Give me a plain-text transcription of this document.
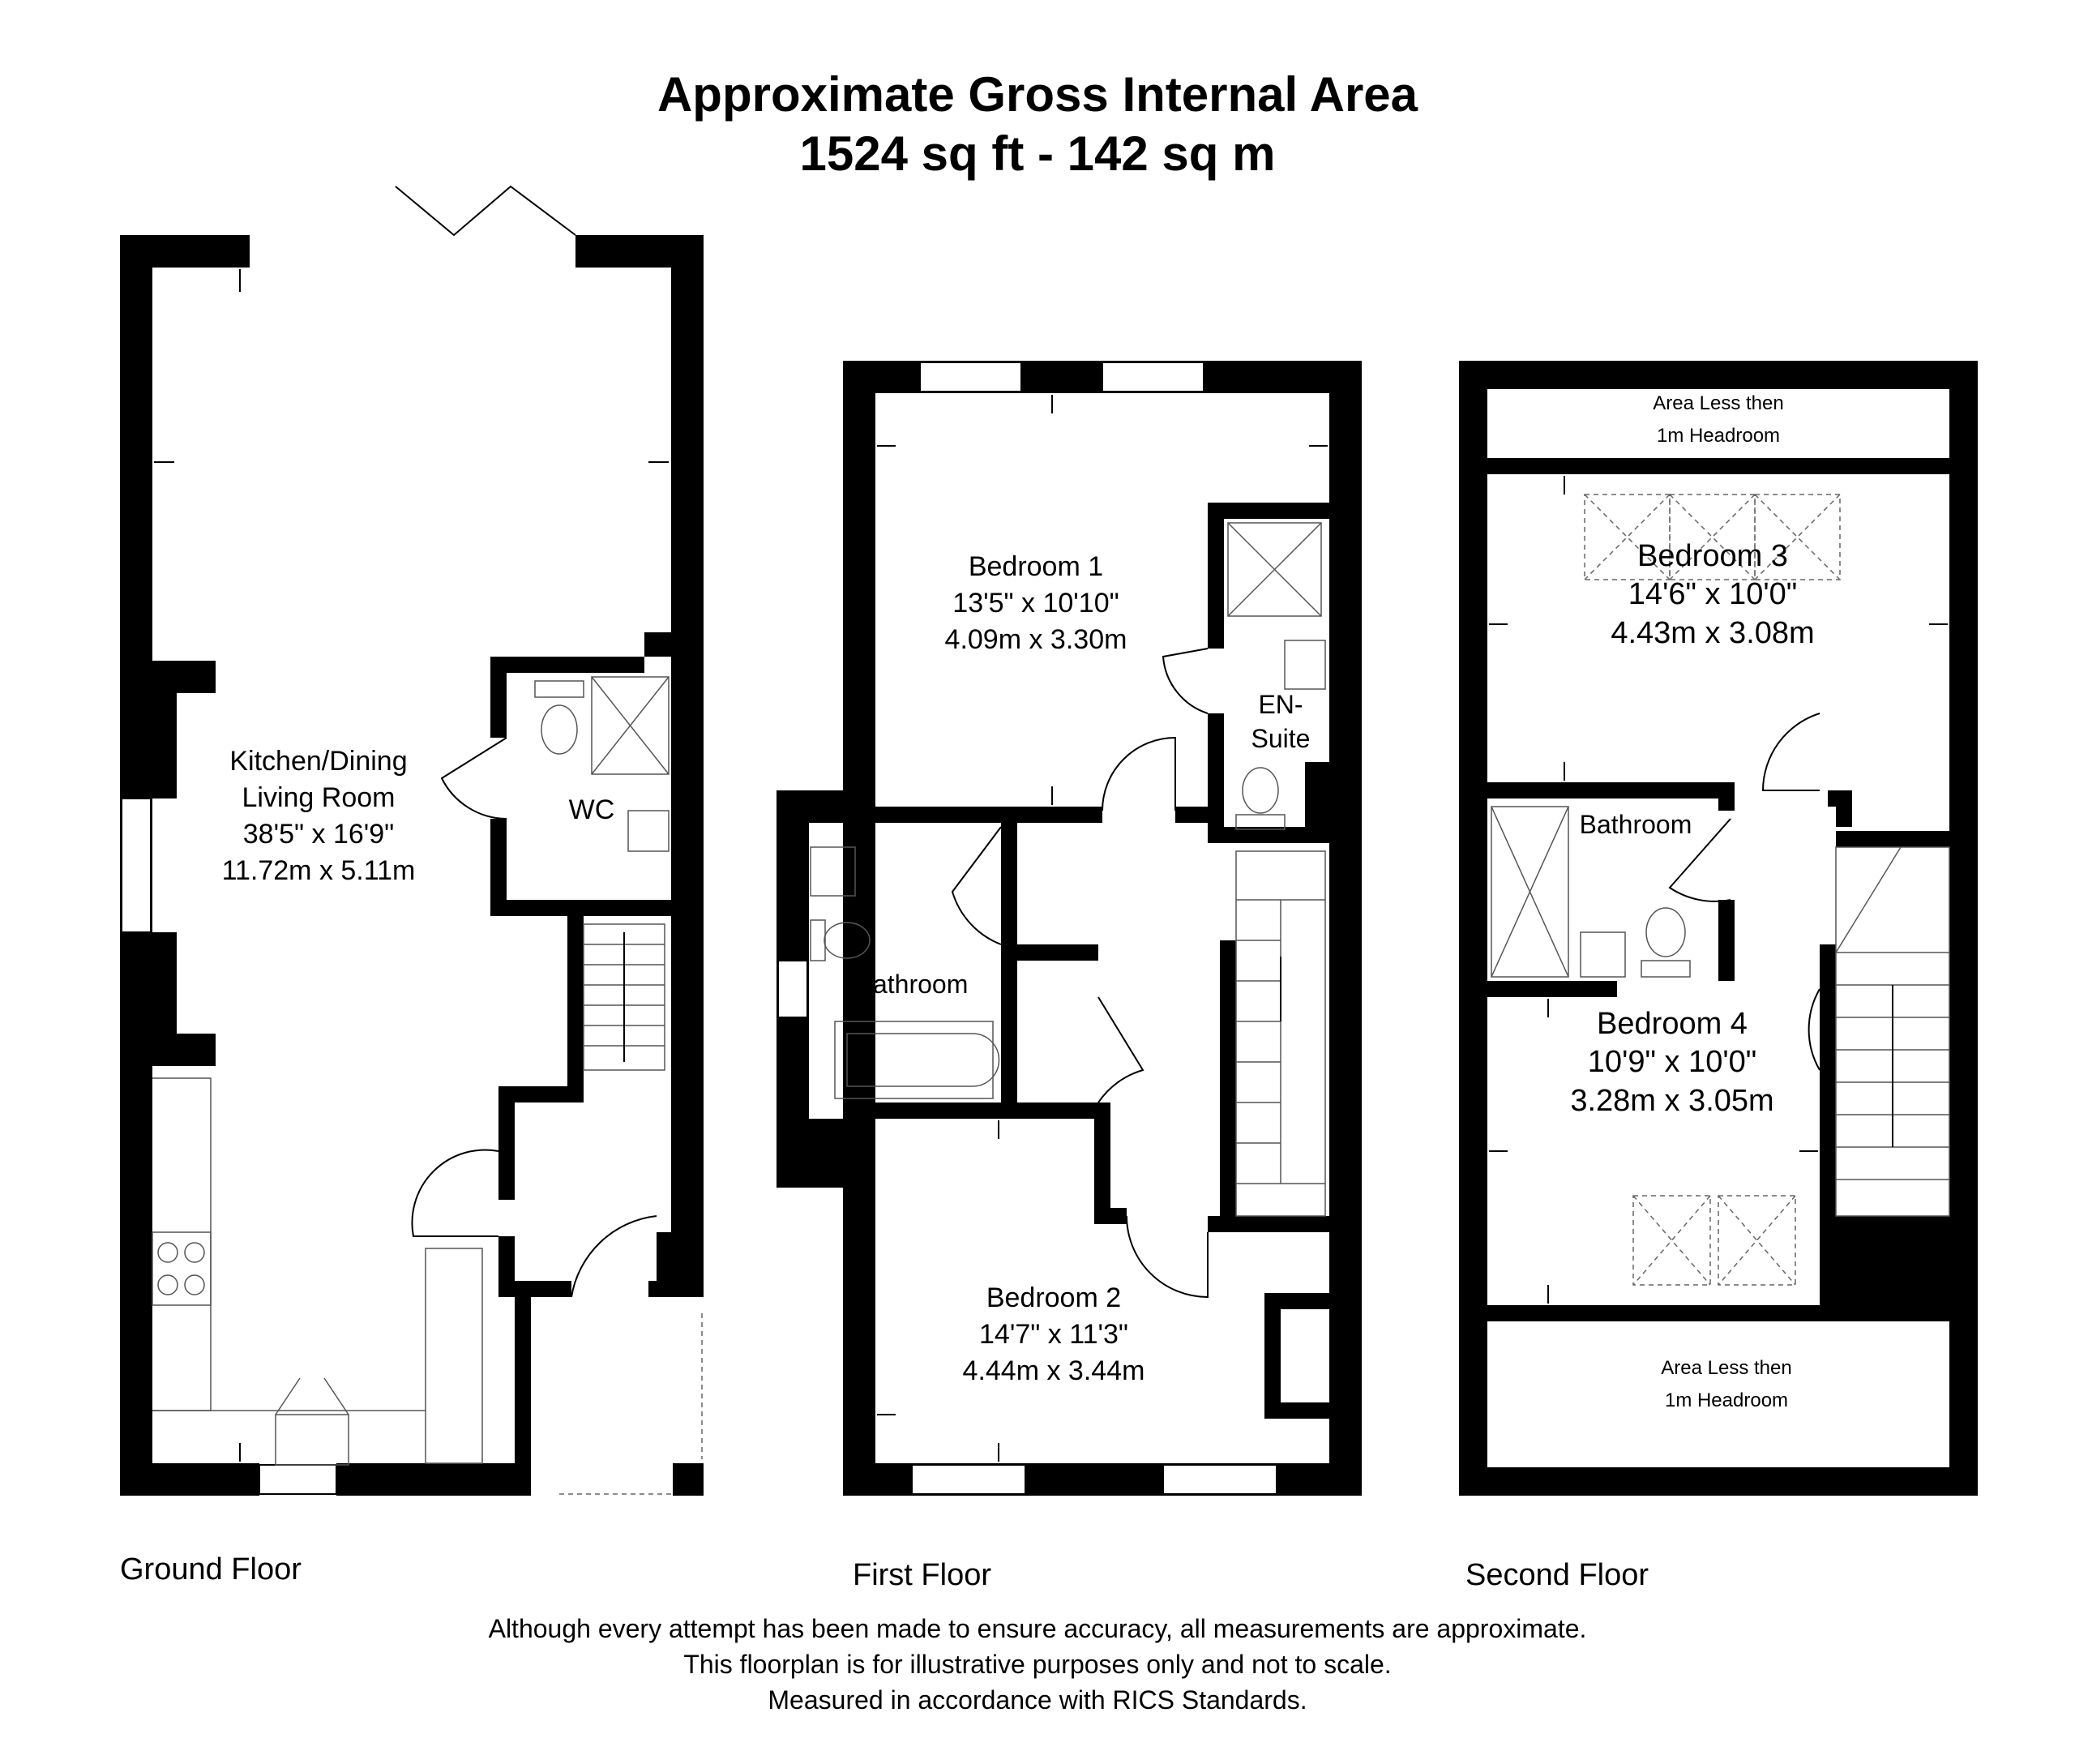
Approximate Gross Internal Area
1524 sq ft - 142 sq m
Kitchen/Dining
Living Room
38'5" x 16'9"
11.72m x 5.11m
WC
Bedroom 1
13'5" x 10'10"
4.09m x 3.30m
EN-
Suite
Bathroom
Bedroom 2
14'7" x 11'3"
4.44m x 3.44m
Area Less then
1m Headroom
Bedroom 3
14'6" x 10'0"
4.43m x 3.08m
Bathroom
Bedroom 4
10'9" x 10'0"
3.28m x 3.05m
Area Less then
1m Headroom
Ground Floor	First Floor	Second Floor
Although every attempt has been made to ensure accuracy, all measurements are approximate.
This floorplan is for illustrative purposes only and not to scale.
Measured in accordance with RICS Standards.
